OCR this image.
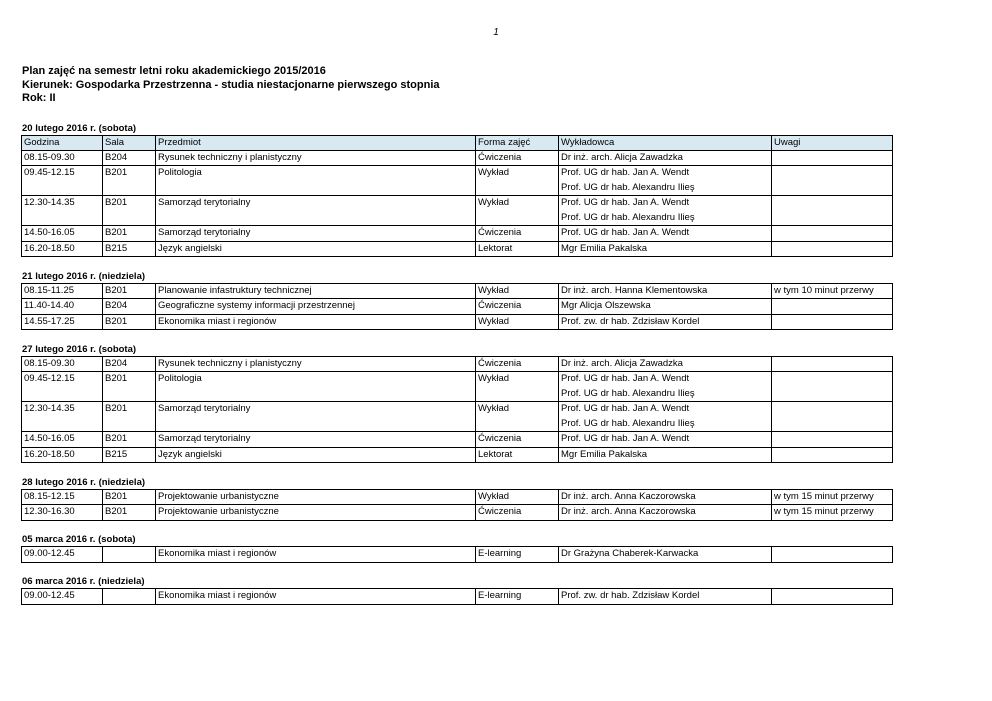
1
Plan zajęć na semestr letni roku akademickiego 2015/2016
Kierunek: Gospodarka Przestrzenna - studia niestacjonarne pierwszego stopnia
Rok: II
20 lutego 2016 r. (sobota)
Godzina	Sala	Przedmiot	Forma zajęć	Wykładowca	Uwagi
08.15-09.30	B204	Rysunek techniczny i planistyczny	Ćwiczenia	Dr inż. arch. Alicja Zawadzka	

09.45-12.15	B201	Politologia	Wykład	Prof. UG dr hab. Jan A. Wendt
Prof. UG dr hab. Alexandru Ilieş	

12.30-14.35	B201	Samorząd terytorialny	Wykład	Prof. UG dr hab. Jan A. Wendt
Prof. UG dr hab. Alexandru Ilieş	

14.50-16.05	B201	Samorząd terytorialny	Ćwiczenia	Prof. UG dr hab. Jan A. Wendt	

16.20-18.50	B215	Język angielski	Lektorat	Mgr Emilia Pakalska	

21 lutego 2016 r. (niedziela)
08.15-11.25	B201	Planowanie infastruktury technicznej	Wykład	Dr inż. arch. Hanna Klementowska	w tym 10 minut przerwy
11.40-14.40	B204	Geograficzne systemy informacji przestrzennej	Ćwiczenia	Mgr Alicja Olszewska	

14.55-17.25	B201	Ekonomika miast i regionów	Wykład	Prof. zw. dr hab. Zdzisław Kordel	

27 lutego 2016 r. (sobota)
08.15-09.30	B204	Rysunek techniczny i planistyczny	Ćwiczenia	Dr inż. arch. Alicja Zawadzka	

09.45-12.15	B201	Politologia	Wykład	Prof. UG dr hab. Jan A. Wendt
Prof. UG dr hab. Alexandru Ilieş	

12.30-14.35	B201	Samorząd terytorialny	Wykład	Prof. UG dr hab. Jan A. Wendt
Prof. UG dr hab. Alexandru Ilieş	

14.50-16.05	B201	Samorząd terytorialny	Ćwiczenia	Prof. UG dr hab. Jan A. Wendt	

16.20-18.50	B215	Język angielski	Lektorat	Mgr Emilia Pakalska	

28 lutego 2016 r. (niedziela)
08.15-12.15	B201	Projektowanie urbanistyczne	Wykład	Dr inż. arch. Anna Kaczorowska	w tym 15 minut przerwy
12.30-16.30	B201	Projektowanie urbanistyczne	Ćwiczenia	Dr inż. arch. Anna Kaczorowska	w tym 15 minut przerwy
05 marca 2016 r. (sobota)
09.00-12.45		Ekonomika miast i regionów	E-learning	Dr Grażyna Chaberek-Karwacka

06 marca 2016 r. (niedziela)
09.00-12.45		Ekonomika miast i regionów	E-learning	Prof. zw. dr hab. Zdzisław Kordel
